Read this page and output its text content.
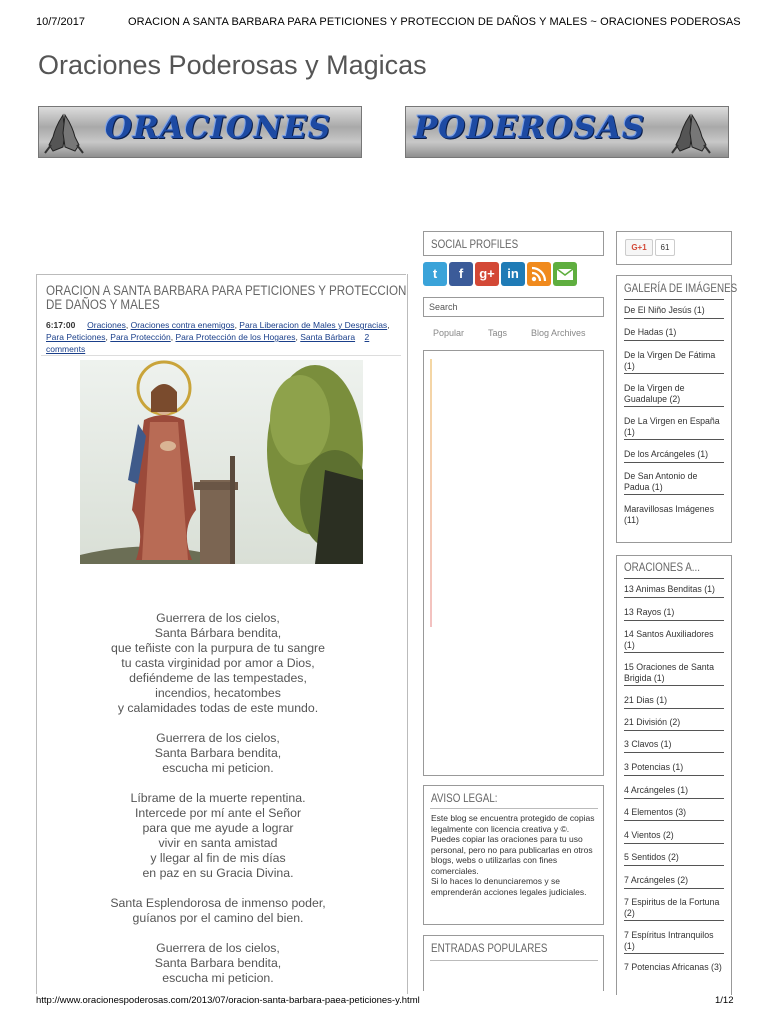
10/7/2017	ORACION A SANTA BARBARA PARA PETICIONES Y PROTECCION DE DAÑOS Y MALES ~ ORACIONES PODEROSAS
Oraciones Poderosas y Magicas
ORACIONES	PODEROSAS
ORACION A SANTA BARBARA PARA PETICIONES Y PROTECCION DE DAÑOS Y MALES
6:17:00 Oraciones, Oraciones contra enemigos, Para Liberacion de Males y Desgracias, Para Peticiones, Para Protección, Para Protección de los Hogares, Santa Bárbara 2 comments

Guerrera de los cielos,
Santa Bárbara bendita,
que teñiste con la purpura de tu sangre
tu casta virginidad por amor a Dios,
defiéndeme de las tempestades,
incendios, hecatombes
y calamidades todas de este mundo.

Guerrera de los cielos,
Santa Barbara bendita,
escucha mi peticion.

Líbrame de la muerte repentina.
Intercede por mí ante el Señor
para que me ayude a lograr
vivir en santa amistad
y llegar al fin de mis días
en paz en su Gracia Divina.

Santa Esplendorosa de inmenso poder,
guíanos por el camino del bien.

Guerrera de los cielos,
Santa Barbara bendita,
escucha mi peticion.

SOCIAL PROFILES
t	f	g+ in
Search
Popular	Tags	Blog Archives
AVISO LEGAL:
Este blog se encuentra protegido de copias legalmente con licencia creativa y ©.
Puedes copiar las oraciones para tu uso personal, pero no para publicarlas en otros blogs, webs o utilizarlas con fines comerciales.
Si lo haces lo denunciaremos y se emprenderán acciones legales judiciales.
ENTRADAS POPULARES
G+1	61
GALERÍA DE IMÁGENES
De El Niño Jesús (1)
De Hadas (1)
De la Virgen De Fátima (1)
De la Virgen de Guadalupe (2)
De La Virgen en España (1)
De los Arcángeles (1)
De San Antonio de Padua (1)
Maravillosas Imágenes (11)
ORACIONES A...
13 Animas Benditas (1)
13 Rayos (1)
14 Santos Auxiliadores (1)
15 Oraciones de Santa Brigida (1)
21 Dias (1)
21 División (2)
3 Clavos (1)
3 Potencias (1)
4 Arcángeles (1)
4 Elementos (3)
4 Vientos (2)
5 Sentidos (2)
7 Arcángeles (2)
7 Espiritus de la Fortuna (2)
7 Espíritus Intranquilos (1)
7 Potencias Africanas (3)
http://www.oracionespoderosas.com/2013/07/oracion-santa-barbara-paea-peticiones-y.html	1/12
